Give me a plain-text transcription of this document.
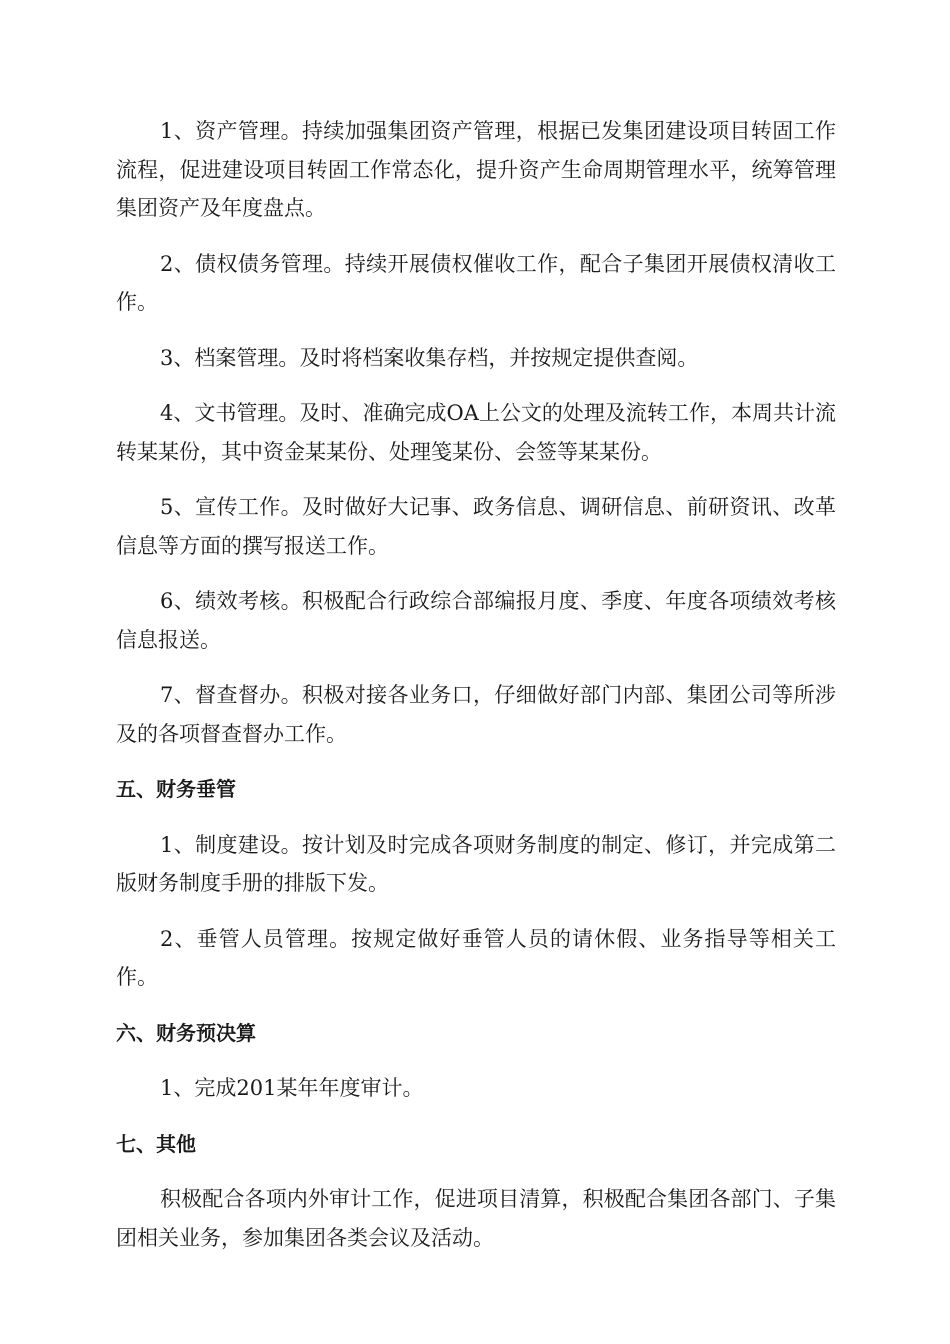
1、资产管理。持续加强集团资产管理，根据已发集团建设项目转固工作流程，促进建设项目转固工作常态化，提升资产生命周期管理水平，统筹管理集团资产及年度盘点。

2、债权债务管理。持续开展债权催收工作，配合子集团开展债权清收工作。

3、档案管理。及时将档案收集存档，并按规定提供查阅。

4、文书管理。及时、准确完成OA上公文的处理及流转工作，本周共计流转某某份，其中资金某某份、处理笺某份、会签等某某份。

5、宣传工作。及时做好大记事、政务信息、调研信息、前研资讯、改革信息等方面的撰写报送工作。

6、绩效考核。积极配合行政综合部编报月度、季度、年度各项绩效考核信息报送。

7、督查督办。积极对接各业务口，仔细做好部门内部、集团公司等所涉及的各项督查督办工作。

五、财务垂管

1、制度建设。按计划及时完成各项财务制度的制定、修订，并完成第二版财务制度手册的排版下发。

2、垂管人员管理。按规定做好垂管人员的请休假、业务指导等相关工作。

六、财务预决算

1、完成201某年年度审计。

七、其他

积极配合各项内外审计工作，促进项目清算，积极配合集团各部门、子集团相关业务，参加集团各类会议及活动。
